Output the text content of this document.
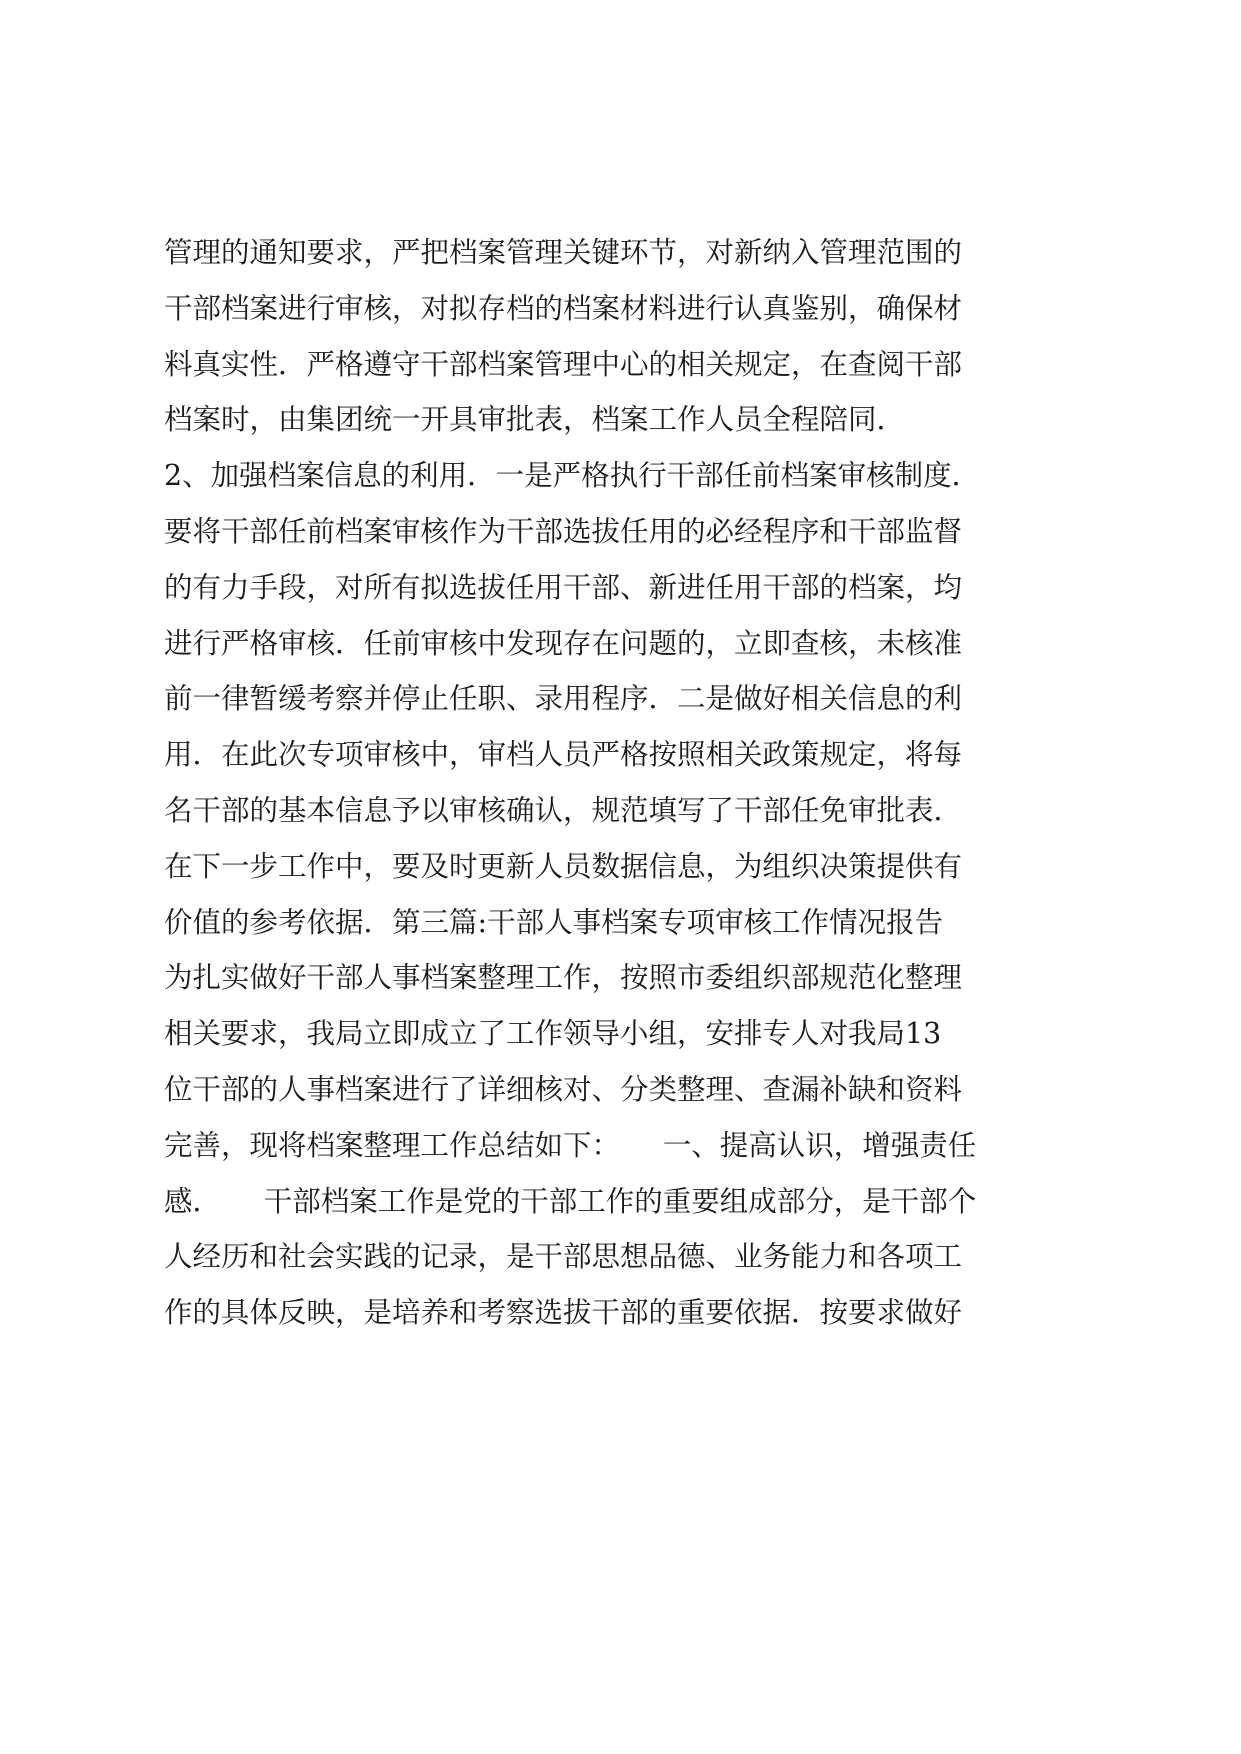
管理的通知要求，严把档案管理关键环节，对新纳入管理范围的
干部档案进行审核，对拟存档的档案材料进行认真鉴别，确保材
料真实性．严格遵守干部档案管理中心的相关规定，在查阅干部
档案时，由集团统一开具审批表，档案工作人员全程陪同．
2、加强档案信息的利用．一是严格执行干部任前档案审核制度．
要将干部任前档案审核作为干部选拔任用的必经程序和干部监督
的有力手段，对所有拟选拔任用干部、新进任用干部的档案，均
进行严格审核．任前审核中发现存在问题的，立即查核，未核准
前一律暂缓考察并停止任职、录用程序．二是做好相关信息的利
用．在此次专项审核中，审档人员严格按照相关政策规定，将每
名干部的基本信息予以审核确认，规范填写了干部任免审批表．
在下一步工作中，要及时更新人员数据信息，为组织决策提供有
价值的参考依据．第三篇:干部人事档案专项审核工作情况报告
为扎实做好干部人事档案整理工作，按照市委组织部规范化整理
相关要求，我局立即成立了工作领导小组，安排专人对我局13
位干部的人事档案进行了详细核对、分类整理、查漏补缺和资料
完善，现将档案整理工作总结如下：　　一、提高认识，增强责任
感．　　干部档案工作是党的干部工作的重要组成部分，是干部个
人经历和社会实践的记录，是干部思想品德、业务能力和各项工
作的具体反映，是培养和考察选拔干部的重要依据．按要求做好
